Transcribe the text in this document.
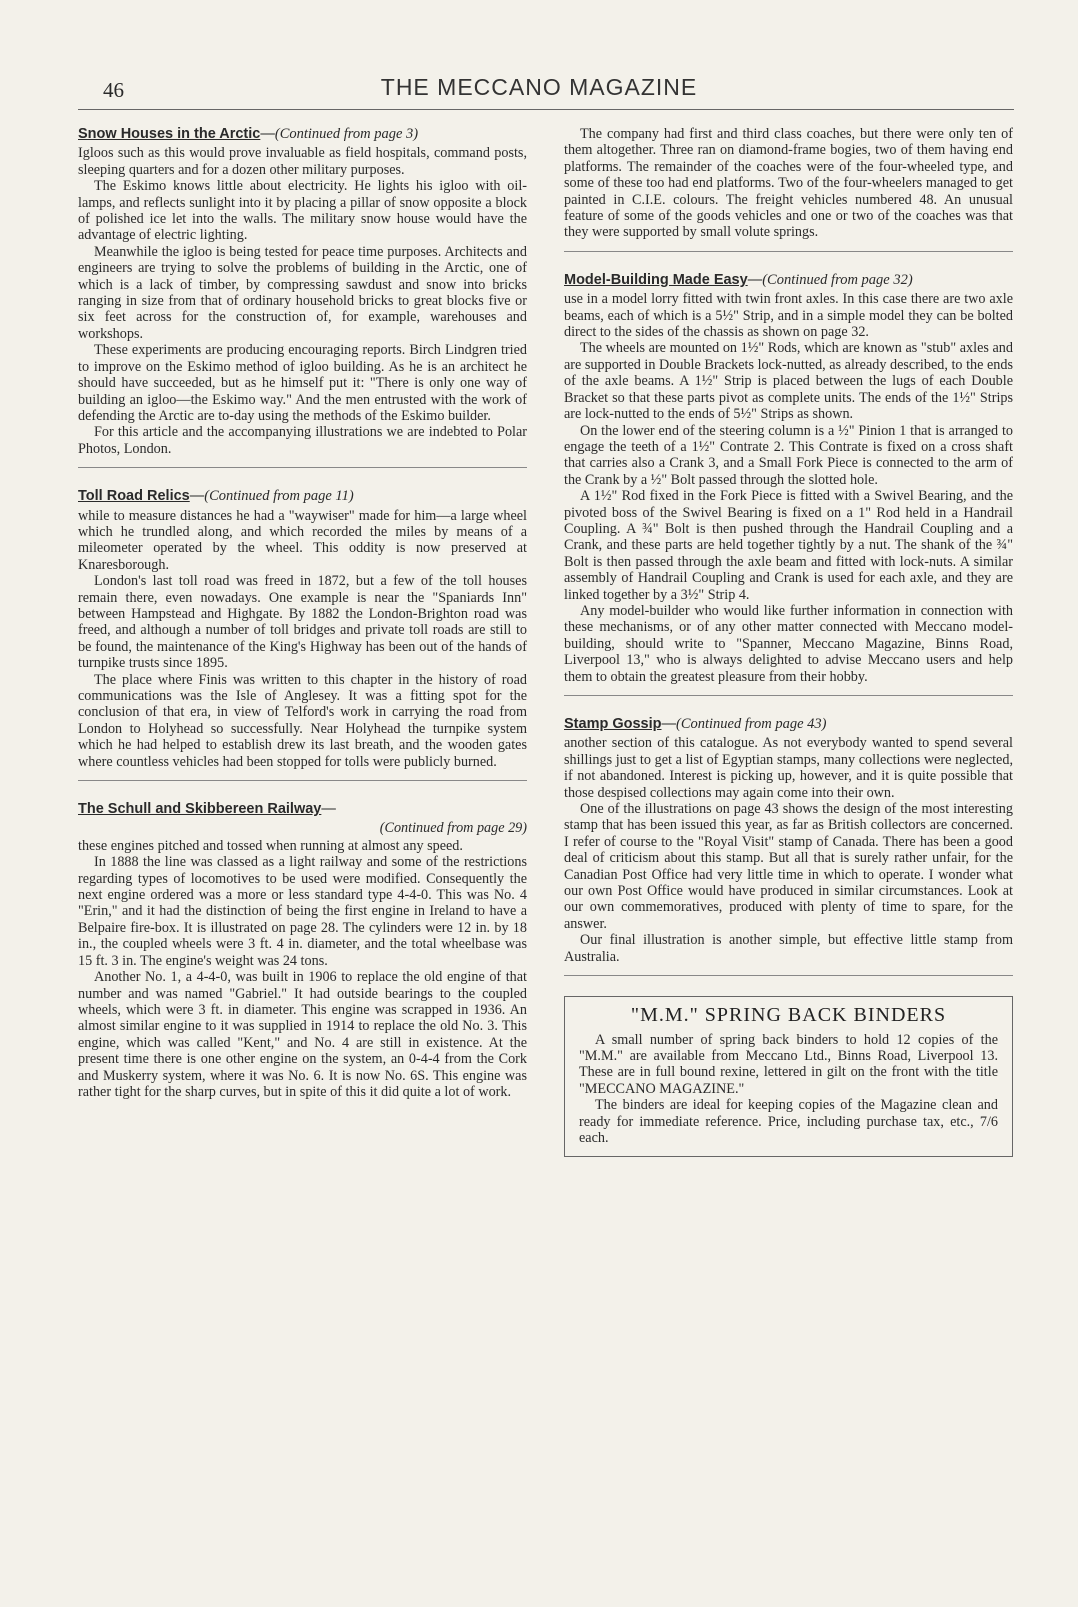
46	THE MECCANO MAGAZINE
Snow Houses in the Arctic—(Continued from page 3)

Igloos such as this would prove invaluable as field hospitals, command posts, sleeping quarters and for a dozen other military purposes.

The Eskimo knows little about electricity. He lights his igloo with oil-lamps, and reflects sunlight into it by placing a pillar of snow opposite a block of polished ice let into the walls. The military snow house would have the advantage of electric lighting.

Meanwhile the igloo is being tested for peace time purposes. Architects and engineers are trying to solve the problems of building in the Arctic, one of which is a lack of timber, by compressing sawdust and snow into bricks ranging in size from that of ordinary household bricks to great blocks five or six feet across for the construction of, for example, warehouses and workshops.

These experiments are producing encouraging reports. Birch Lindgren tried to improve on the Eskimo method of igloo building. As he is an architect he should have succeeded, but as he himself put it: "There is only one way of building an igloo—the Eskimo way." And the men entrusted with the work of defending the Arctic are to-day using the methods of the Eskimo builder.

For this article and the accompanying illustrations we are indebted to Polar Photos, London.

Toll Road Relics—(Continued from page 11)

while to measure distances he had a "waywiser" made for him—a large wheel which he trundled along, and which recorded the miles by means of a mileometer operated by the wheel. This oddity is now preserved at Knaresborough.

London's last toll road was freed in 1872, but a few of the toll houses remain there, even nowadays. One example is near the "Spaniards Inn" between Hampstead and Highgate. By 1882 the London-Brighton road was freed, and although a number of toll bridges and private toll roads are still to be found, the maintenance of the King's Highway has been out of the hands of turnpike trusts since 1895.

The place where Finis was written to this chapter in the history of road communications was the Isle of Anglesey. It was a fitting spot for the conclusion of that era, in view of Telford's work in carrying the road from London to Holyhead so successfully. Near Holyhead the turnpike system which he had helped to establish drew its last breath, and the wooden gates where countless vehicles had been stopped for tolls were publicly burned.

The Schull and Skibbereen Railway—
(Continued from page 29)

these engines pitched and tossed when running at almost any speed.

In 1888 the line was classed as a light railway and some of the restrictions regarding types of locomotives to be used were modified. Consequently the next engine ordered was a more or less standard type 4-4-0. This was No. 4 "Erin," and it had the distinction of being the first engine in Ireland to have a Belpaire fire-box. It is illustrated on page 28. The cylinders were 12 in. by 18 in., the coupled wheels were 3 ft. 4 in. diameter, and the total wheelbase was 15 ft. 3 in. The engine's weight was 24 tons.

Another No. 1, a 4-4-0, was built in 1906 to replace the old engine of that number and was named "Gabriel." It had outside bearings to the coupled wheels, which were 3 ft. in diameter. This engine was scrapped in 1936. An almost similar engine to it was supplied in 1914 to replace the old No. 3. This engine, which was called "Kent," and No. 4 are still in existence. At the present time there is one other engine on the system, an 0-4-4 from the Cork and Muskerry system, where it was No. 6. It is now No. 6S. This engine was rather tight for the sharp curves, but in spite of this it did quite a lot of work.

The company had first and third class coaches, but there were only ten of them altogether. Three ran on diamond-frame bogies, two of them having end platforms. The remainder of the coaches were of the four-wheeled type, and some of these too had end platforms. Two of the four-wheelers managed to get painted in C.I.E. colours. The freight vehicles numbered 48. An unusual feature of some of the goods vehicles and one or two of the coaches was that they were supported by small volute springs.

Model-Building Made Easy—(Continued from page 32)

use in a model lorry fitted with twin front axles. In this case there are two axle beams, each of which is a 5½" Strip, and in a simple model they can be bolted direct to the sides of the chassis as shown on page 32.

The wheels are mounted on 1½" Rods, which are known as "stub" axles and are supported in Double Brackets lock-nutted, as already described, to the ends of the axle beams. A 1½" Strip is placed between the lugs of each Double Bracket so that these parts pivot as complete units. The ends of the 1½" Strips are lock-nutted to the ends of 5½" Strips as shown.

On the lower end of the steering column is a ½" Pinion 1 that is arranged to engage the teeth of a 1½" Contrate 2. This Contrate is fixed on a cross shaft that carries also a Crank 3, and a Small Fork Piece is connected to the arm of the Crank by a ½" Bolt passed through the slotted hole.

A 1½" Rod fixed in the Fork Piece is fitted with a Swivel Bearing, and the pivoted boss of the Swivel Bearing is fixed on a 1" Rod held in a Handrail Coupling. A ¾" Bolt is then pushed through the Handrail Coupling and a Crank, and these parts are held together tightly by a nut. The shank of the ¾" Bolt is then passed through the axle beam and fitted with lock-nuts. A similar assembly of Handrail Coupling and Crank is used for each axle, and they are linked together by a 3½" Strip 4.

Any model-builder who would like further information in connection with these mechanisms, or of any other matter connected with Meccano model-building, should write to "Spanner, Meccano Magazine, Binns Road, Liverpool 13," who is always delighted to advise Meccano users and help them to obtain the greatest pleasure from their hobby.

Stamp Gossip—(Continued from page 43)

another section of this catalogue. As not everybody wanted to spend several shillings just to get a list of Egyptian stamps, many collections were neglected, if not abandoned. Interest is picking up, however, and it is quite possible that those despised collections may again come into their own.

One of the illustrations on page 43 shows the design of the most interesting stamp that has been issued this year, as far as British collectors are concerned. I refer of course to the "Royal Visit" stamp of Canada. There has been a good deal of criticism about this stamp. But all that is surely rather unfair, for the Canadian Post Office had very little time in which to operate. I wonder what our own Post Office would have produced in similar circumstances. Look at our own commemoratives, produced with plenty of time to spare, for the answer.

Our final illustration is another simple, but effective little stamp from Australia.

"M.M." SPRING BACK BINDERS

A small number of spring back binders to hold 12 copies of the "M.M." are available from Meccano Ltd., Binns Road, Liverpool 13. These are in full bound rexine, lettered in gilt on the front with the title "MECCANO MAGAZINE."

The binders are ideal for keeping copies of the Magazine clean and ready for immediate reference. Price, including purchase tax, etc., 7/6 each.
